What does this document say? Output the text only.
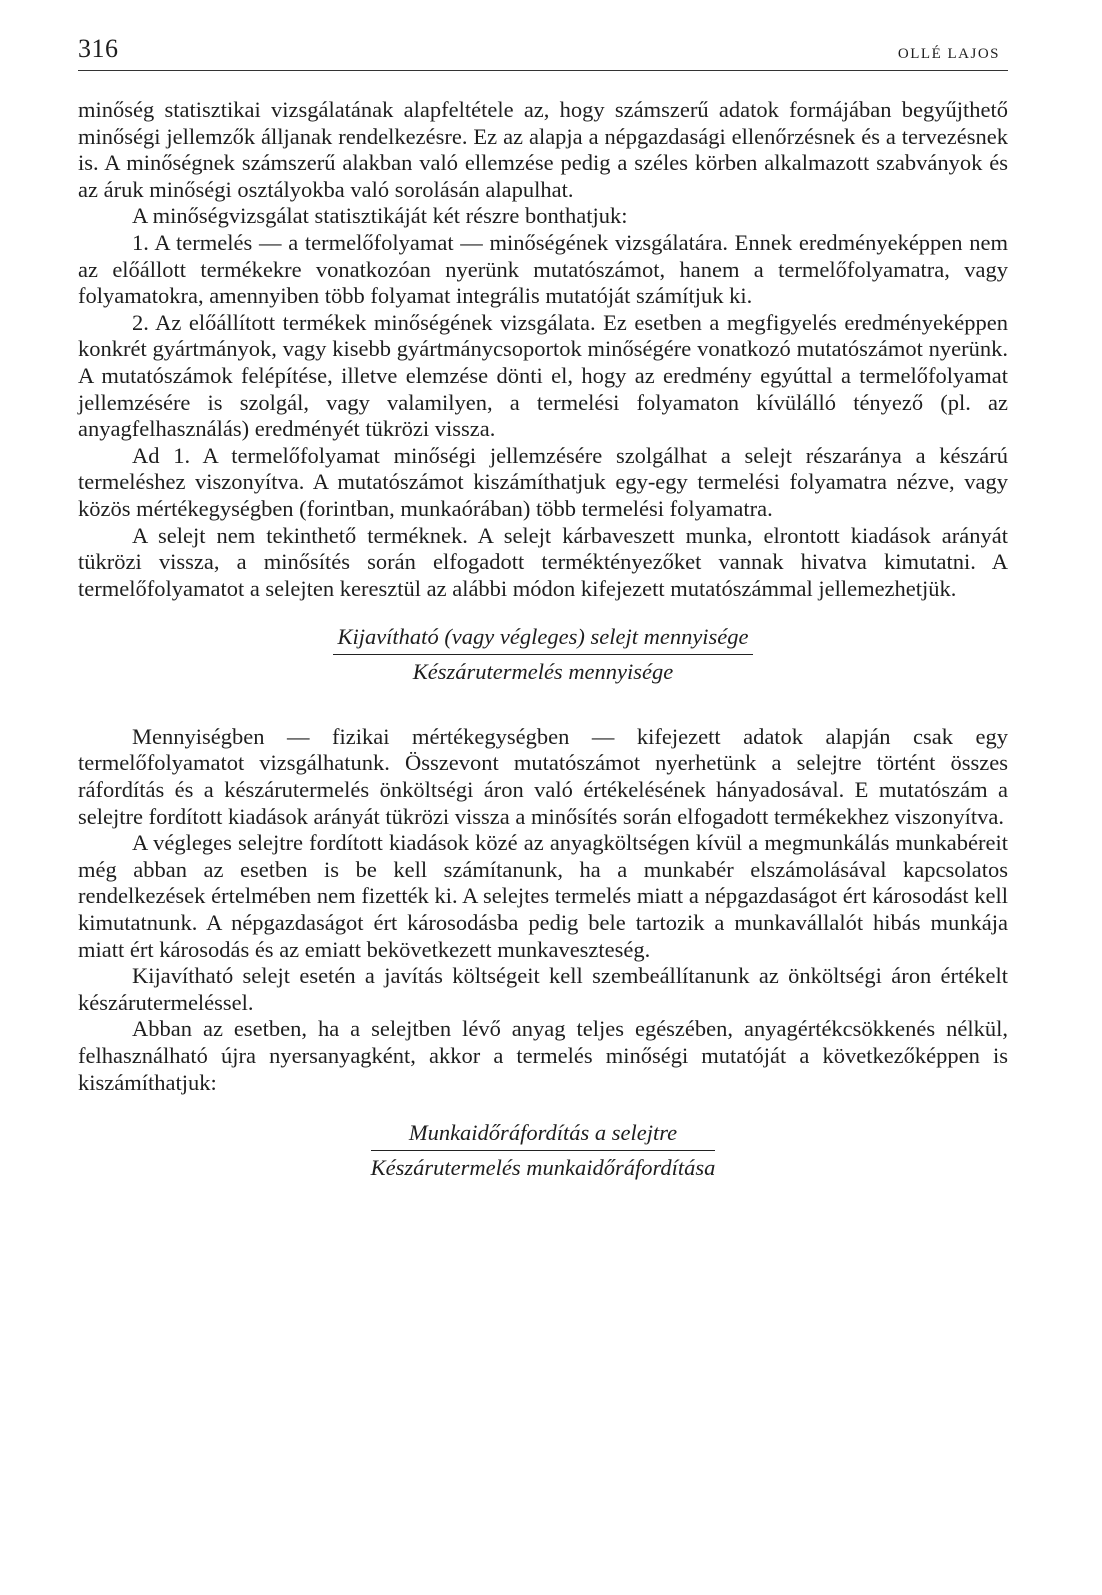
316	OLLÉ LAJOS

minőség statisztikai vizsgálatának alapfeltétele az, hogy számszerű adatok formájában begyűjthető minőségi jellemzők álljanak rendelkezésre. Ez az alapja a népgazdasági ellenőrzésnek és a tervezésnek is. A minőségnek számszerű alakban való ellemzése pedig a széles körben alkalmazott szabványok és az áruk minőségi osztályokba való sorolásán alapulhat.

A minőségvizsgálat statisztikáját két részre bonthatjuk:

1. A termelés — a termelőfolyamat — minőségének vizsgálatára. Ennek eredményeképpen nem az előállott termékekre vonatkozóan nyerünk mutatószámot, hanem a termelőfolyamatra, vagy folyamatokra, amennyiben több folyamat integrális mutatóját számítjuk ki.

2. Az előállított termékek minőségének vizsgálata. Ez esetben a megfigyelés eredményeképpen konkrét gyártmányok, vagy kisebb gyártmánycsoportok minőségére vonatkozó mutatószámot nyerünk. A mutatószámok felépítése, illetve elemzése dönti el, hogy az eredmény egyúttal a termelőfolyamat jellemzésére is szolgál, vagy valamilyen, a termelési folyamaton kívülálló tényező (pl. az anyagfelhasználás) eredményét tükrözi vissza.

Ad 1. A termelőfolyamat minőségi jellemzésére szolgálhat a selejt részaránya a készárú termeléshez viszonyítva. A mutatószámot kiszámíthatjuk egy-egy termelési folyamatra nézve, vagy közös mértékegységben (forintban, munkaórában) több termelési folyamatra.

A selejt nem tekinthető terméknek. A selejt kárbaveszett munka, elrontott kiadások arányát tükrözi vissza, a minősítés során elfogadott terméktényezőket vannak hivatva kimutatni. A termelőfolyamatot a selejten keresztül az alábbi módon kifejezett mutatószámmal jellemezhetjük.

$\frac{\text{Kijavítható (vagy végleges) selejt mennyisége}}{\text{Készárutermelés mennyisége}}$

Mennyiségben — fizikai mértékegységben — kifejezett adatok alapján csak egy termelőfolyamatot vizsgálhatunk. Összevont mutatószámot nyerhetünk a selejtre történt összes ráfordítás és a készárutermelés önköltségi áron való értékelésének hányadosával. E mutatószám a selejtre fordított kiadások arányát tükrözi vissza a minősítés során elfogadott termékekhez viszonyítva.

A végleges selejtre fordított kiadások közé az anyagköltségen kívül a megmunkálás munkabéreit még abban az esetben is be kell számítanunk, ha a munkabér elszámolásával kapcsolatos rendelkezések értelmében nem fizették ki. A selejtes termelés miatt a népgazdaságot ért károsodást kell kimutatnunk. A népgazdaságot ért károsodásba pedig bele tartozik a munkavállalót hibás munkája miatt ért károsodás és az emiatt bekövetkezett munkaveszteség.

Kijavítható selejt esetén a javítás költségeit kell szembeállítanunk az önköltségi áron értékelt készárutermeléssel.

Abban az esetben, ha a selejtben lévő anyag teljes egészében, anyagértékcsökkenés nélkül, felhasználható újra nyersanyagként, akkor a termelés minőségi mutatóját a következőképpen is kiszámíthatjuk:

$\frac{\text{Munkaidőráfordítás a selejtre}}{\text{Készárutermelés munkaidőráfordítása}}$
